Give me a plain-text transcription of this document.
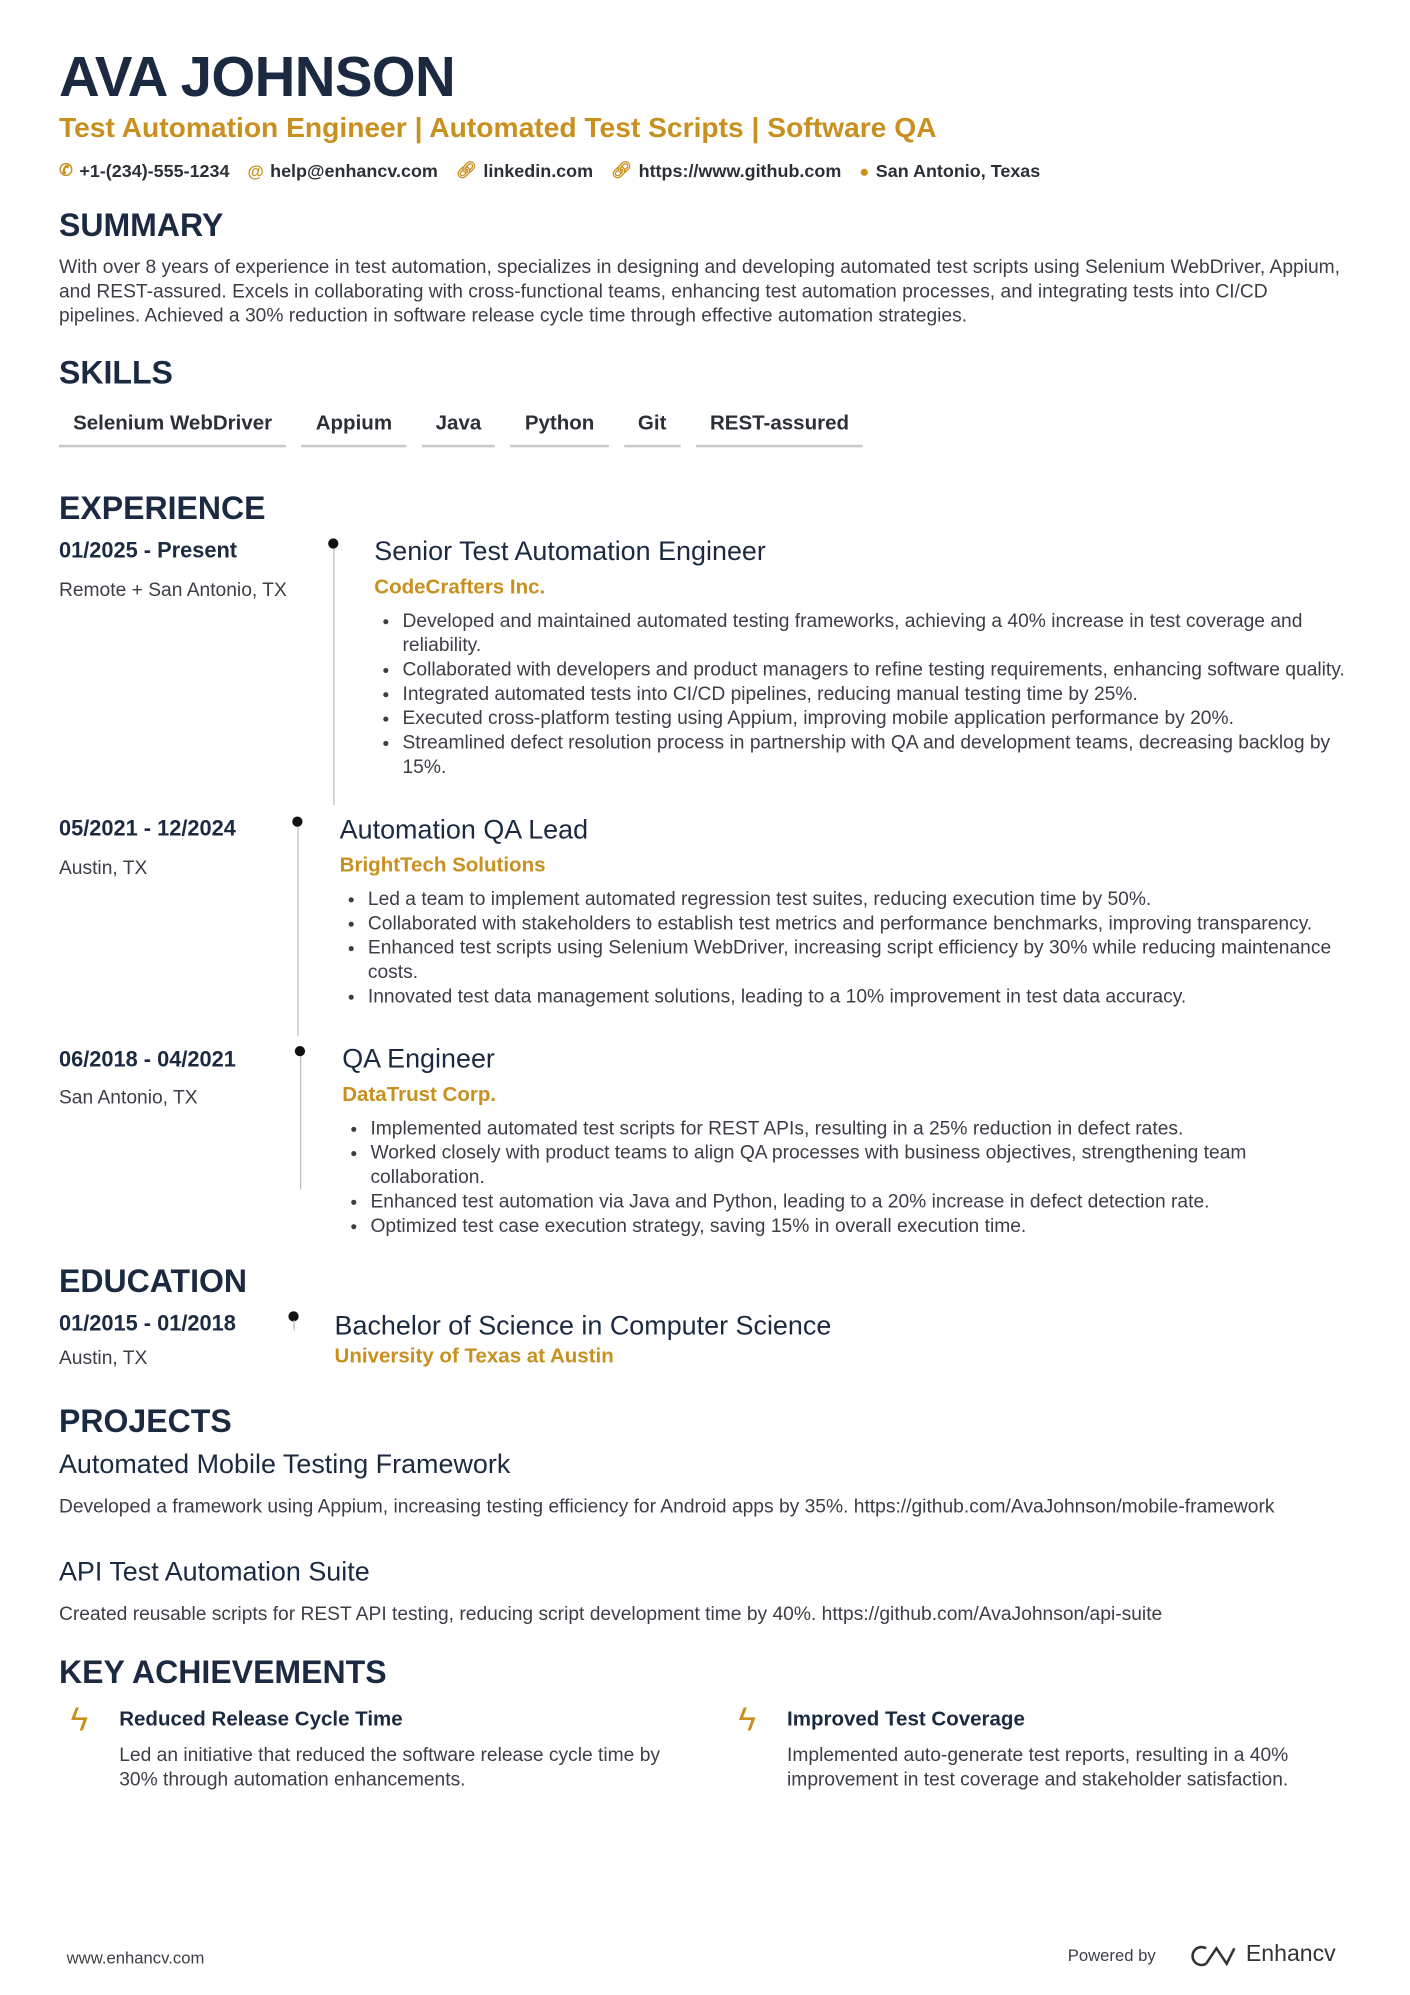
AVA JOHNSON
Test Automation Engineer | Automated Test Scripts | Software QA
✆ +1-(234)-555-1234 @ help@enhancv.com 🔗︎ linkedin.com 🔗︎ https://www.github.com ● San Antonio, Texas
SUMMARY
With over 8 years of experience in test automation, specializes in designing and developing automated test scripts using Selenium WebDriver, Appium, and REST-assured. Excels in collaborating with cross-functional teams, enhancing test automation processes, and integrating tests into CI/CD pipelines. Achieved a 30% reduction in software release cycle time through effective automation strategies.
SKILLS
Selenium WebDriver	Appium	Java	Python	Git	REST-assured
EXPERIENCE
01/2025 - Present
Remote + San Antonio, TX
Senior Test Automation Engineer
CodeCrafters Inc.
• Developed and maintained automated testing frameworks, achieving a 40% increase in test coverage and reliability.
• Collaborated with developers and product managers to refine testing requirements, enhancing software quality.
• Integrated automated tests into CI/CD pipelines, reducing manual testing time by 25%.
• Executed cross-platform testing using Appium, improving mobile application performance by 20%.
• Streamlined defect resolution process in partnership with QA and development teams, decreasing backlog by 15%.
05/2021 - 12/2024
Austin, TX
Automation QA Lead
BrightTech Solutions
• Led a team to implement automated regression test suites, reducing execution time by 50%.
• Collaborated with stakeholders to establish test metrics and performance benchmarks, improving transparency.
• Enhanced test scripts using Selenium WebDriver, increasing script efficiency by 30% while reducing maintenance costs.
• Innovated test data management solutions, leading to a 10% improvement in test data accuracy.
06/2018 - 04/2021
San Antonio, TX
QA Engineer
DataTrust Corp.
• Implemented automated test scripts for REST APIs, resulting in a 25% reduction in defect rates.
• Worked closely with product teams to align QA processes with business objectives, strengthening team collaboration.
• Enhanced test automation via Java and Python, leading to a 20% increase in defect detection rate.
• Optimized test case execution strategy, saving 15% in overall execution time.
EDUCATION
01/2015 - 01/2018
Austin, TX
Bachelor of Science in Computer Science
University of Texas at Austin
PROJECTS
Automated Mobile Testing Framework
Developed a framework using Appium, increasing testing efficiency for Android apps by 35%. https://github.com/AvaJohnson/mobile-framework
API Test Automation Suite
Created reusable scripts for REST API testing, reducing script development time by 40%. https://github.com/AvaJohnson/api-suite
KEY ACHIEVEMENTS
ϟ Reduced Release Cycle Time
Led an initiative that reduced the software release cycle time by 30% through automation enhancements.
ϟ Improved Test Coverage
Implemented auto-generate test reports, resulting in a 40% improvement in test coverage and stakeholder satisfaction.
www.enhancv.com	Powered by	Enhancv
